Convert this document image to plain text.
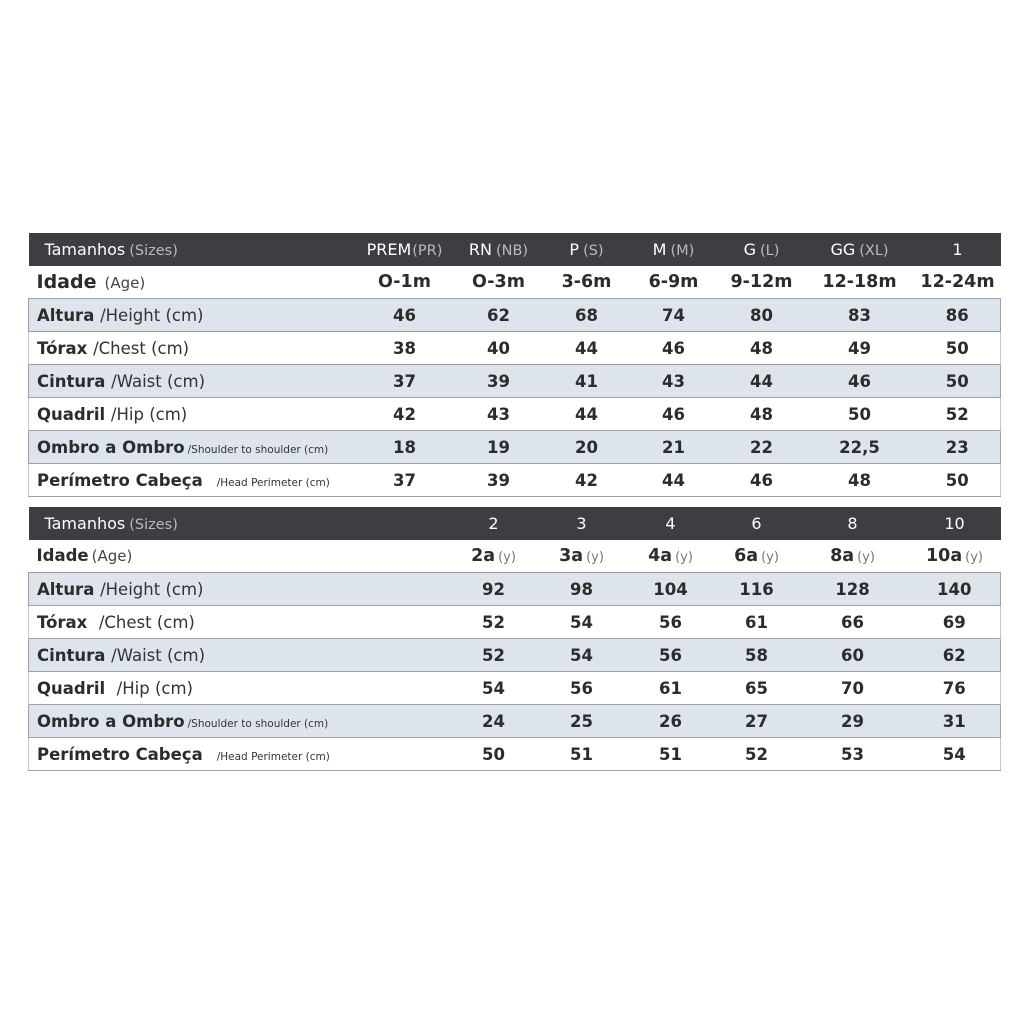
Tamanhos (Sizes)	PREM(PR)	RN (NB)	P (S)	M (M)	G (L)	GG (XL)	1
Idade (Age)	O-1m	O-3m	3-6m	6-9m	9-12m	12-18m	12-24m
Altura /Height (cm)	46	62	68	74	80	83	86
Tórax /Chest (cm)	38	40	44	46	48	49	50
Cintura /Waist (cm)	37	39	41	43	44	46	50
Quadril /Hip (cm)	42	43	44	46	48	50	52
Ombro a Ombro /Shoulder to shoulder (cm)	18	19	20	21	22	22,5	23
Perímetro Cabeça /Head Perimeter (cm)	37	39	42	44	46	48	50
Tamanhos (Sizes)	2	3	4	6	8	10
Idade (Age)	2a (y)	3a (y)	4a (y)	6a (y)	8a (y)	10a (y)
Altura /Height (cm)	92	98	104	116	128	140
Tórax /Chest (cm)	52	54	56	61	66	69
Cintura /Waist (cm)	52	54	56	58	60	62
Quadril /Hip (cm)	54	56	61	65	70	76
Ombro a Ombro /Shoulder to shoulder (cm)	24	25	26	27	29	31
Perímetro Cabeça /Head Perimeter (cm)	50	51	51	52	53	54
